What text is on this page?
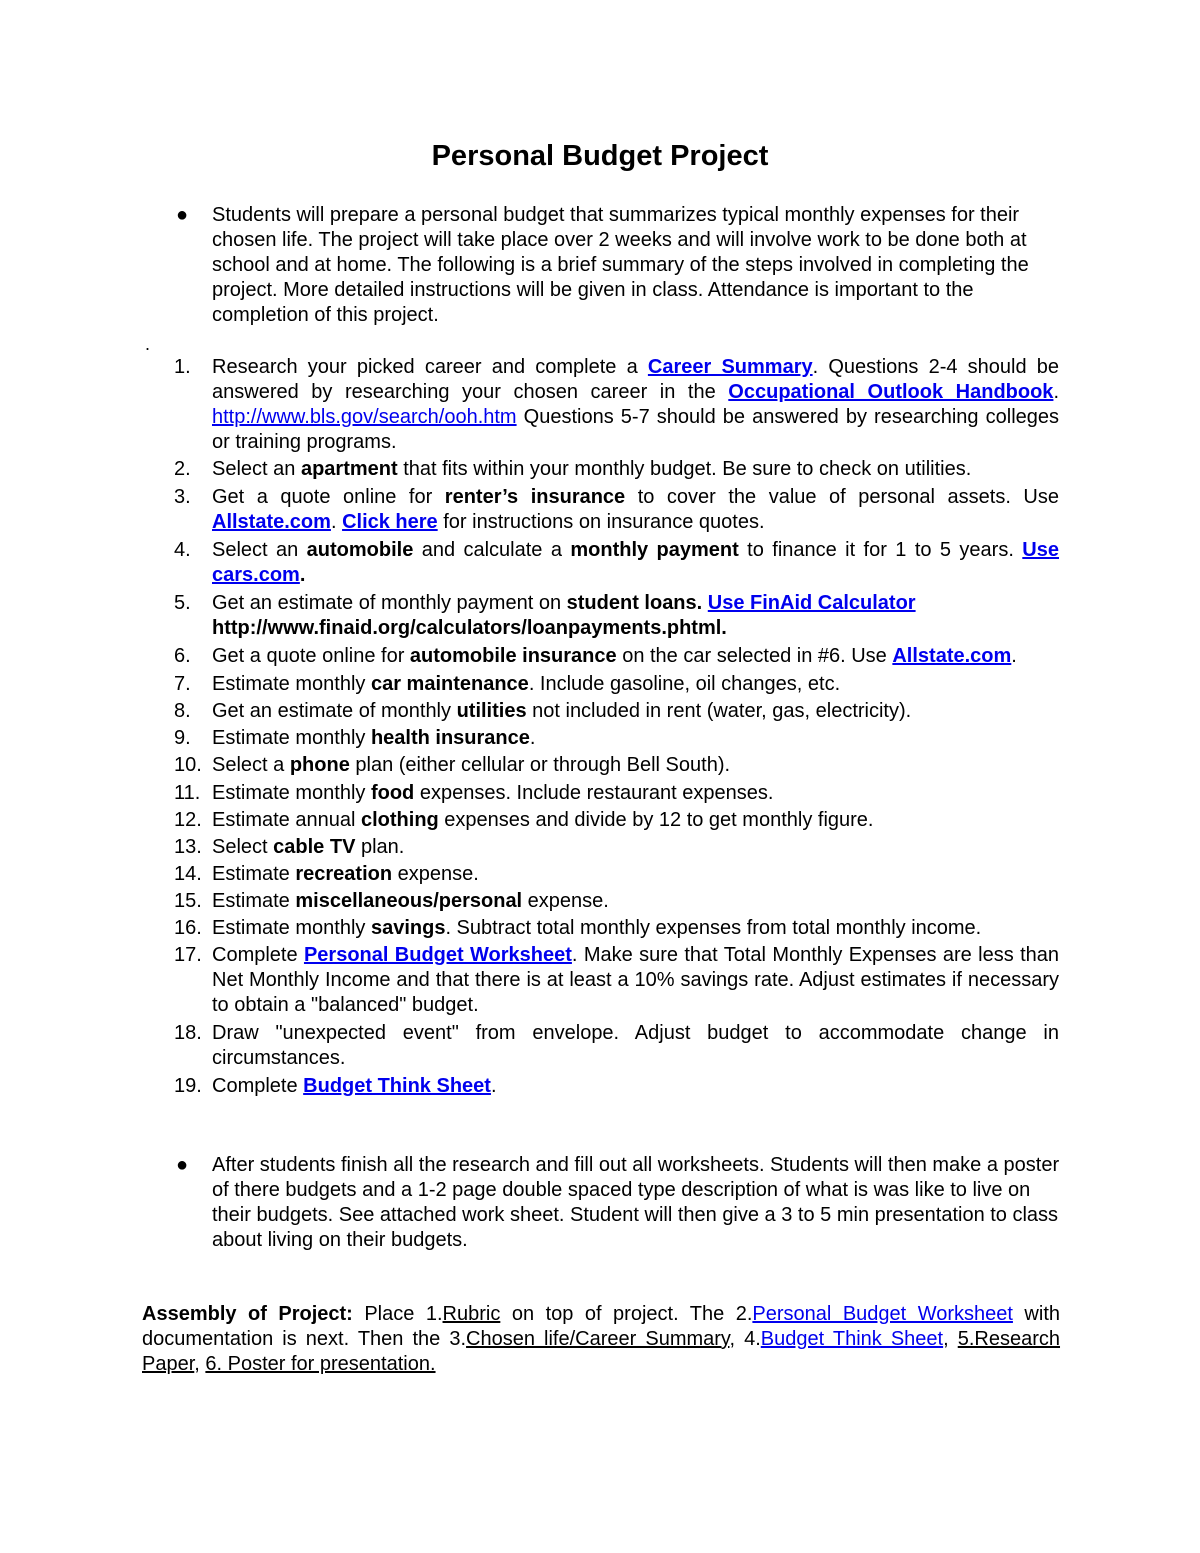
Personal Budget Project
● Students will prepare a personal budget that summarizes typical monthly expenses for their chosen life. The project will take place over 2 weeks and will involve work to be done both at school and at home. The following is a brief summary of the steps involved in completing the project. More detailed instructions will be given in class. Attendance is important to the completion of this project.
.
1. Research your picked career and complete a Career Summary. Questions 2-4 should be answered by researching your chosen career in the Occupational Outlook Handbook. http://www.bls.gov/search/ooh.htm Questions 5-7 should be answered by researching colleges or training programs.
2. Select an apartment that fits within your monthly budget. Be sure to check on utilities.
3. Get a quote online for renter’s insurance to cover the value of personal assets. Use Allstate.com. Click here for instructions on insurance quotes.
4. Select an automobile and calculate a monthly payment to finance it for 1 to 5 years. Use cars.com.
5. Get an estimate of monthly payment on student loans. Use FinAid Calculator
http://www.finaid.org/calculators/loanpayments.phtml.
6. Get a quote online for automobile insurance on the car selected in #6. Use Allstate.com.
7. Estimate monthly car maintenance. Include gasoline, oil changes, etc.
8. Get an estimate of monthly utilities not included in rent (water, gas, electricity).
9. Estimate monthly health insurance.
10. Select a phone plan (either cellular or through Bell South).
11. Estimate monthly food expenses. Include restaurant expenses.
12. Estimate annual clothing expenses and divide by 12 to get monthly figure.
13. Select cable TV plan.
14. Estimate recreation expense.
15. Estimate miscellaneous/personal expense.
16. Estimate monthly savings. Subtract total monthly expenses from total monthly income.
17. Complete Personal Budget Worksheet. Make sure that Total Monthly Expenses are less than Net Monthly Income and that there is at least a 10% savings rate. Adjust estimates if necessary to obtain a "balanced" budget.
18. Draw "unexpected event" from envelope. Adjust budget to accommodate change in circumstances.
19. Complete Budget Think Sheet.
● After students finish all the research and fill out all worksheets. Students will then make a poster of there budgets and a 1-2 page double spaced type description of what is was like to live on their budgets. See attached work sheet. Student will then give a 3 to 5 min presentation to class about living on their budgets.
Assembly of Project: Place 1.Rubric on top of project. The 2.Personal Budget Worksheet with documentation is next. Then the 3.Chosen life/Career Summary, 4.Budget Think Sheet, 5.Research Paper, 6. Poster for presentation.
